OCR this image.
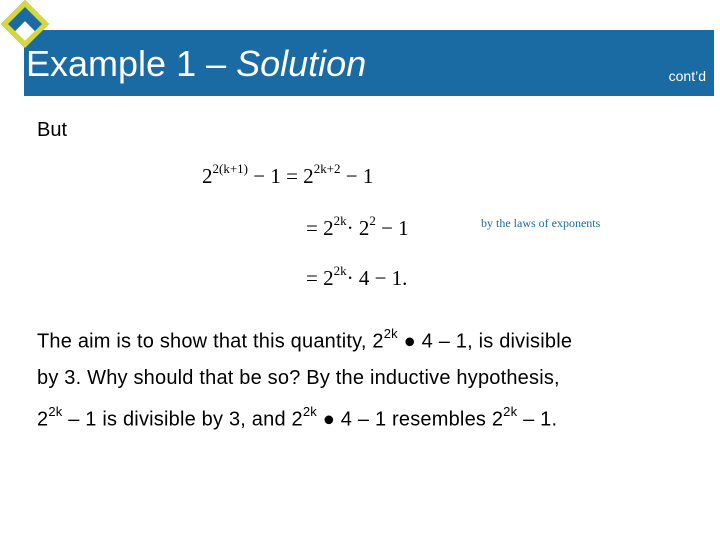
Example 1 – Solution	cont’d
But
$2^{2(k+1)} - 1 = 2^{2k+2} - 1$
= $2^{2k}\cdot 2^2 - 1$	by the laws of exponents
= $2^{2k}\cdot 4 - 1$.
The aim is to show that this quantity, $2^{2k}$ ● 4 – 1, is divisible
by 3. Why should that be so? By the inductive hypothesis,
$2^{2k} - 1$ is divisible by 3, and $2^{2k}$ ● 4 – 1 resembles $2^{2k} - 1$.
